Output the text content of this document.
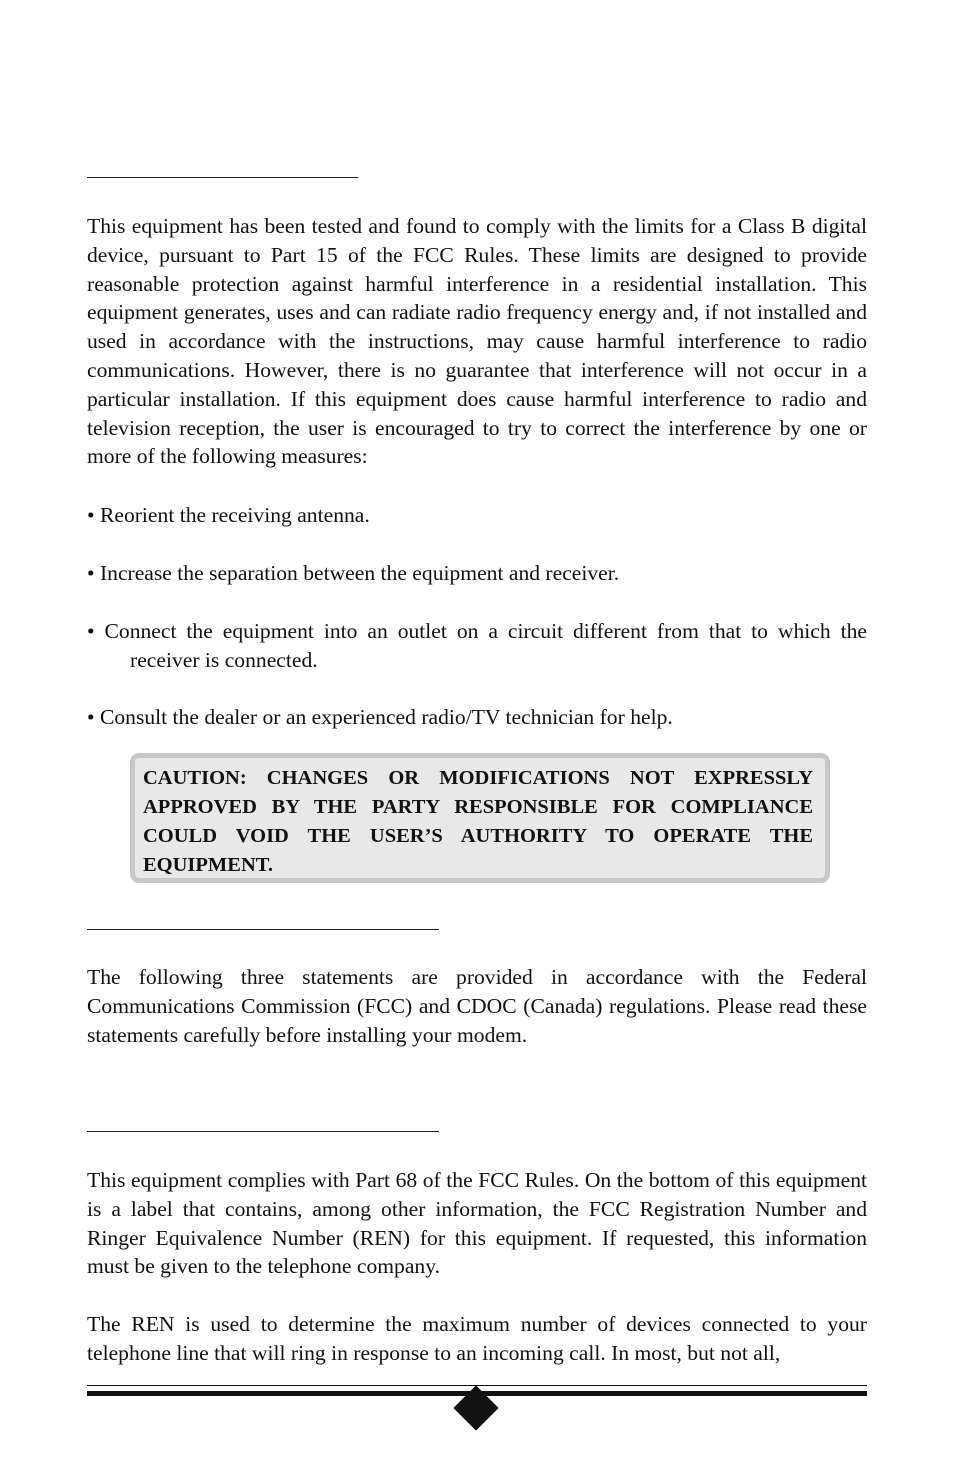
This equipment has been tested and found to comply with the limits for a Class B digital device, pursuant to Part 15 of the FCC Rules. These limits are designed to provide reasonable protection against harmful interference in a residential installation. This equipment generates, uses and can radiate radio frequency energy and, if not installed and used in accordance with the instructions, may cause harmful interference to radio communications. However, there is no guarantee that interference will not occur in a particular installation. If this equipment does cause harmful interference to radio and television reception, the user is encouraged to try to correct the interference by one or more of the following measures:

• Reorient the receiving antenna.

• Increase the separation between the equipment and receiver.

• Connect the equipment into an outlet on a circuit different from that to which the receiver is connected.

• Consult the dealer or an experienced radio/TV technician for help.

CAUTION: CHANGES OR MODIFICATIONS NOT EXPRESSLY APPROVED BY THE PARTY RESPONSIBLE FOR COMPLIANCE COULD VOID THE USER’S AUTHORITY TO OPERATE THE EQUIPMENT.

The following three statements are provided in accordance with the Federal Communications Commission (FCC) and CDOC (Canada) regulations. Please read these statements carefully before installing your modem.

This equipment complies with Part 68 of the FCC Rules. On the bottom of this equipment is a label that contains, among other information, the FCC Registration Number and Ringer Equivalence Number (REN) for this equipment. If requested, this information must be given to the telephone company.

The REN is used to determine the maximum number of devices connected to your telephone line that will ring in response to an incoming call. In most, but not all,
